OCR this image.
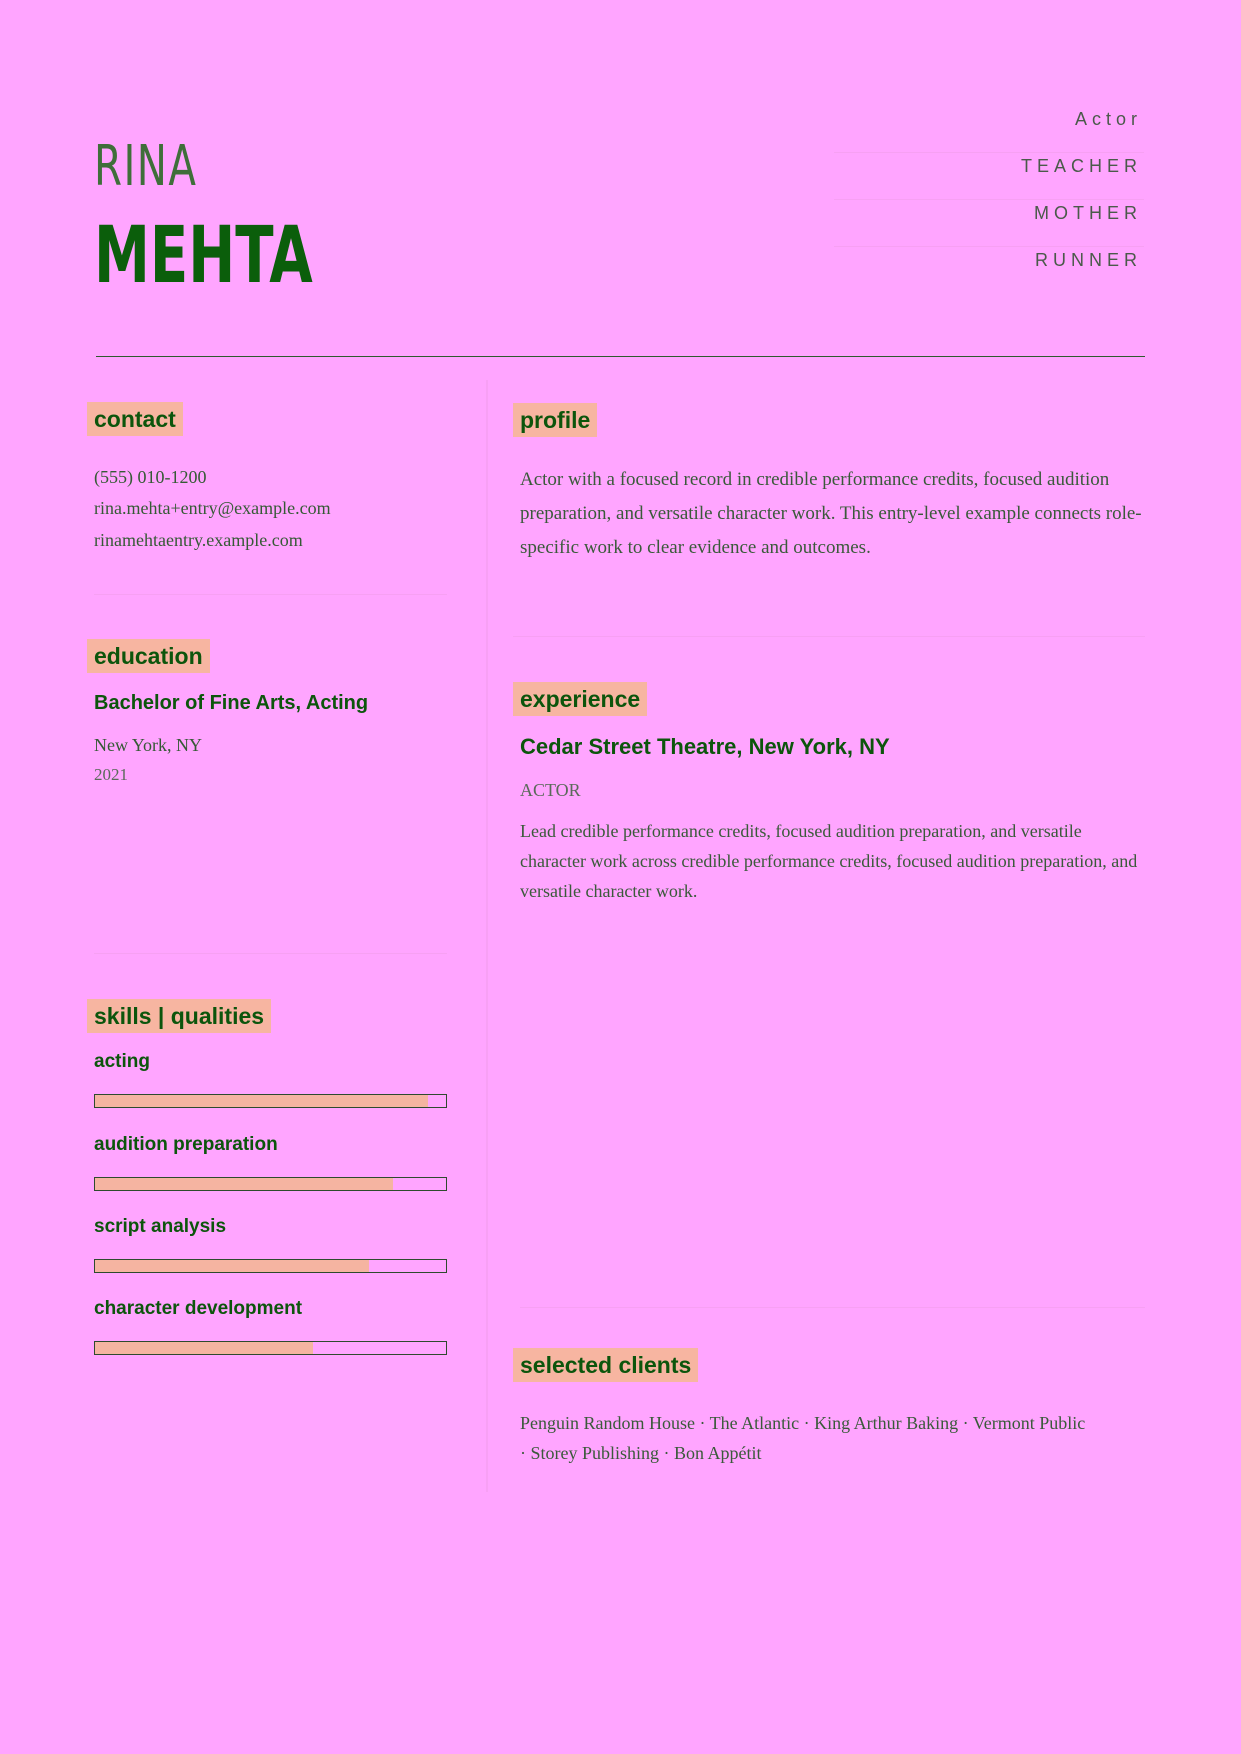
RINA
MEHTA
Actor
TEACHER
MOTHER
RUNNER
contact
(555) 010-1200
rina.mehta+entry@example.com
rinamehtaentry.example.com
education
Bachelor of Fine Arts, Acting
New York, NY
2021
skills | qualities
acting
audition preparation
script analysis
character development
profile
Actor with a focused record in credible performance credits, focused audition preparation, and versatile character work. This entry-level example connects role-specific work to clear evidence and outcomes.
experience
Cedar Street Theatre, New York, NY
ACTOR
Lead credible performance credits, focused audition preparation, and versatile character work across credible performance credits, focused audition preparation, and versatile character work.
selected clients
Penguin Random House · The Atlantic · King Arthur Baking · Vermont Public · Storey Publishing · Bon Appétit
